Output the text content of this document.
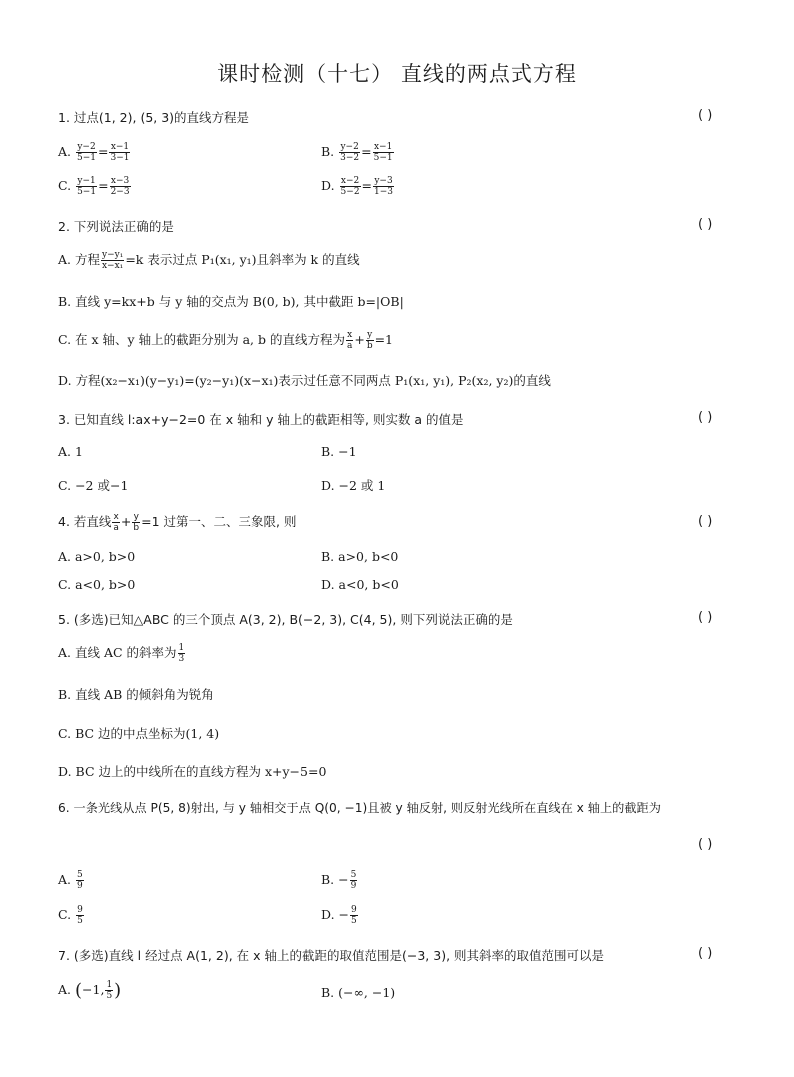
课时检测（十七） 直线的两点式方程
1. 过点(1, 2), (5, 3)的直线方程是	( )
A. $\frac{y-2}{5-1} = \frac{x-1}{3-1}$	B. $\frac{y-2}{3-2} = \frac{x-1}{5-1}$
C. $\frac{y-1}{5-1} = \frac{x-3}{2-3}$	D. $\frac{x-2}{5-2} = \frac{y-3}{1-3}$
2. 下列说法正确的是	( )
A. 方程 $\frac{\text{y−y₁}}{\text{x−x₁}} =k$ 表示过点 P₁(x₁, y₁)且斜率为 k 的直线
B. 直线 y=kx+b 与 y 轴的交点为 B(0, b), 其中截距 b=|OB|
C. 在 x 轴、y 轴上的截距分别为 a, b 的直线方程为 $\frac{x}{a} + \frac{y}{b} =1$
D. 方程(x₂−x₁)(y−y₁)=(y₂−y₁)(x−x₁)表示过任意不同两点 P₁(x₁, y₁), P₂(x₂, y₂)的直线
3. 已知直线 l:ax+y−2=0 在 x 轴和 y 轴上的截距相等, 则实数 a 的值是	( )
A. 1	B. −1
C. −2 或−1	D. −2 或 1
4. 若直线 $\frac{x}{a} + \frac{y}{b} =1$ 过第一、二、三象限, 则	( )
A. a>0, b>0	B. a>0, b<0
C. a<0, b>0	D. a<0, b<0
5. (多选)已知△ABC 的三个顶点 A(3, 2), B(−2, 3), C(4, 5), 则下列说法正确的是	( )
A. 直线 AC 的斜率为 $\frac{1}{3}$
B. 直线 AB 的倾斜角为锐角
C. BC 边的中点坐标为(1, 4)
D. BC 边上的中线所在的直线方程为 x+y−5=0
6. 一条光线从点 P(5, 8)射出, 与 y 轴相交于点 Q(0, −1)且被 y 轴反射, 则反射光线所在直线在 x 轴上的截距为
( )
A. $\frac{5}{9}$	B. − $\frac{5}{9}$
C. $\frac{9}{5}$	D. − $\frac{9}{5}$
7. (多选)直线 l 经过点 A(1, 2), 在 x 轴上的截距的取值范围是(−3, 3), 则其斜率的取值范围可以是	( )
A. (−1, $\frac{1}{5}$ )	B. (−∞, −1)
